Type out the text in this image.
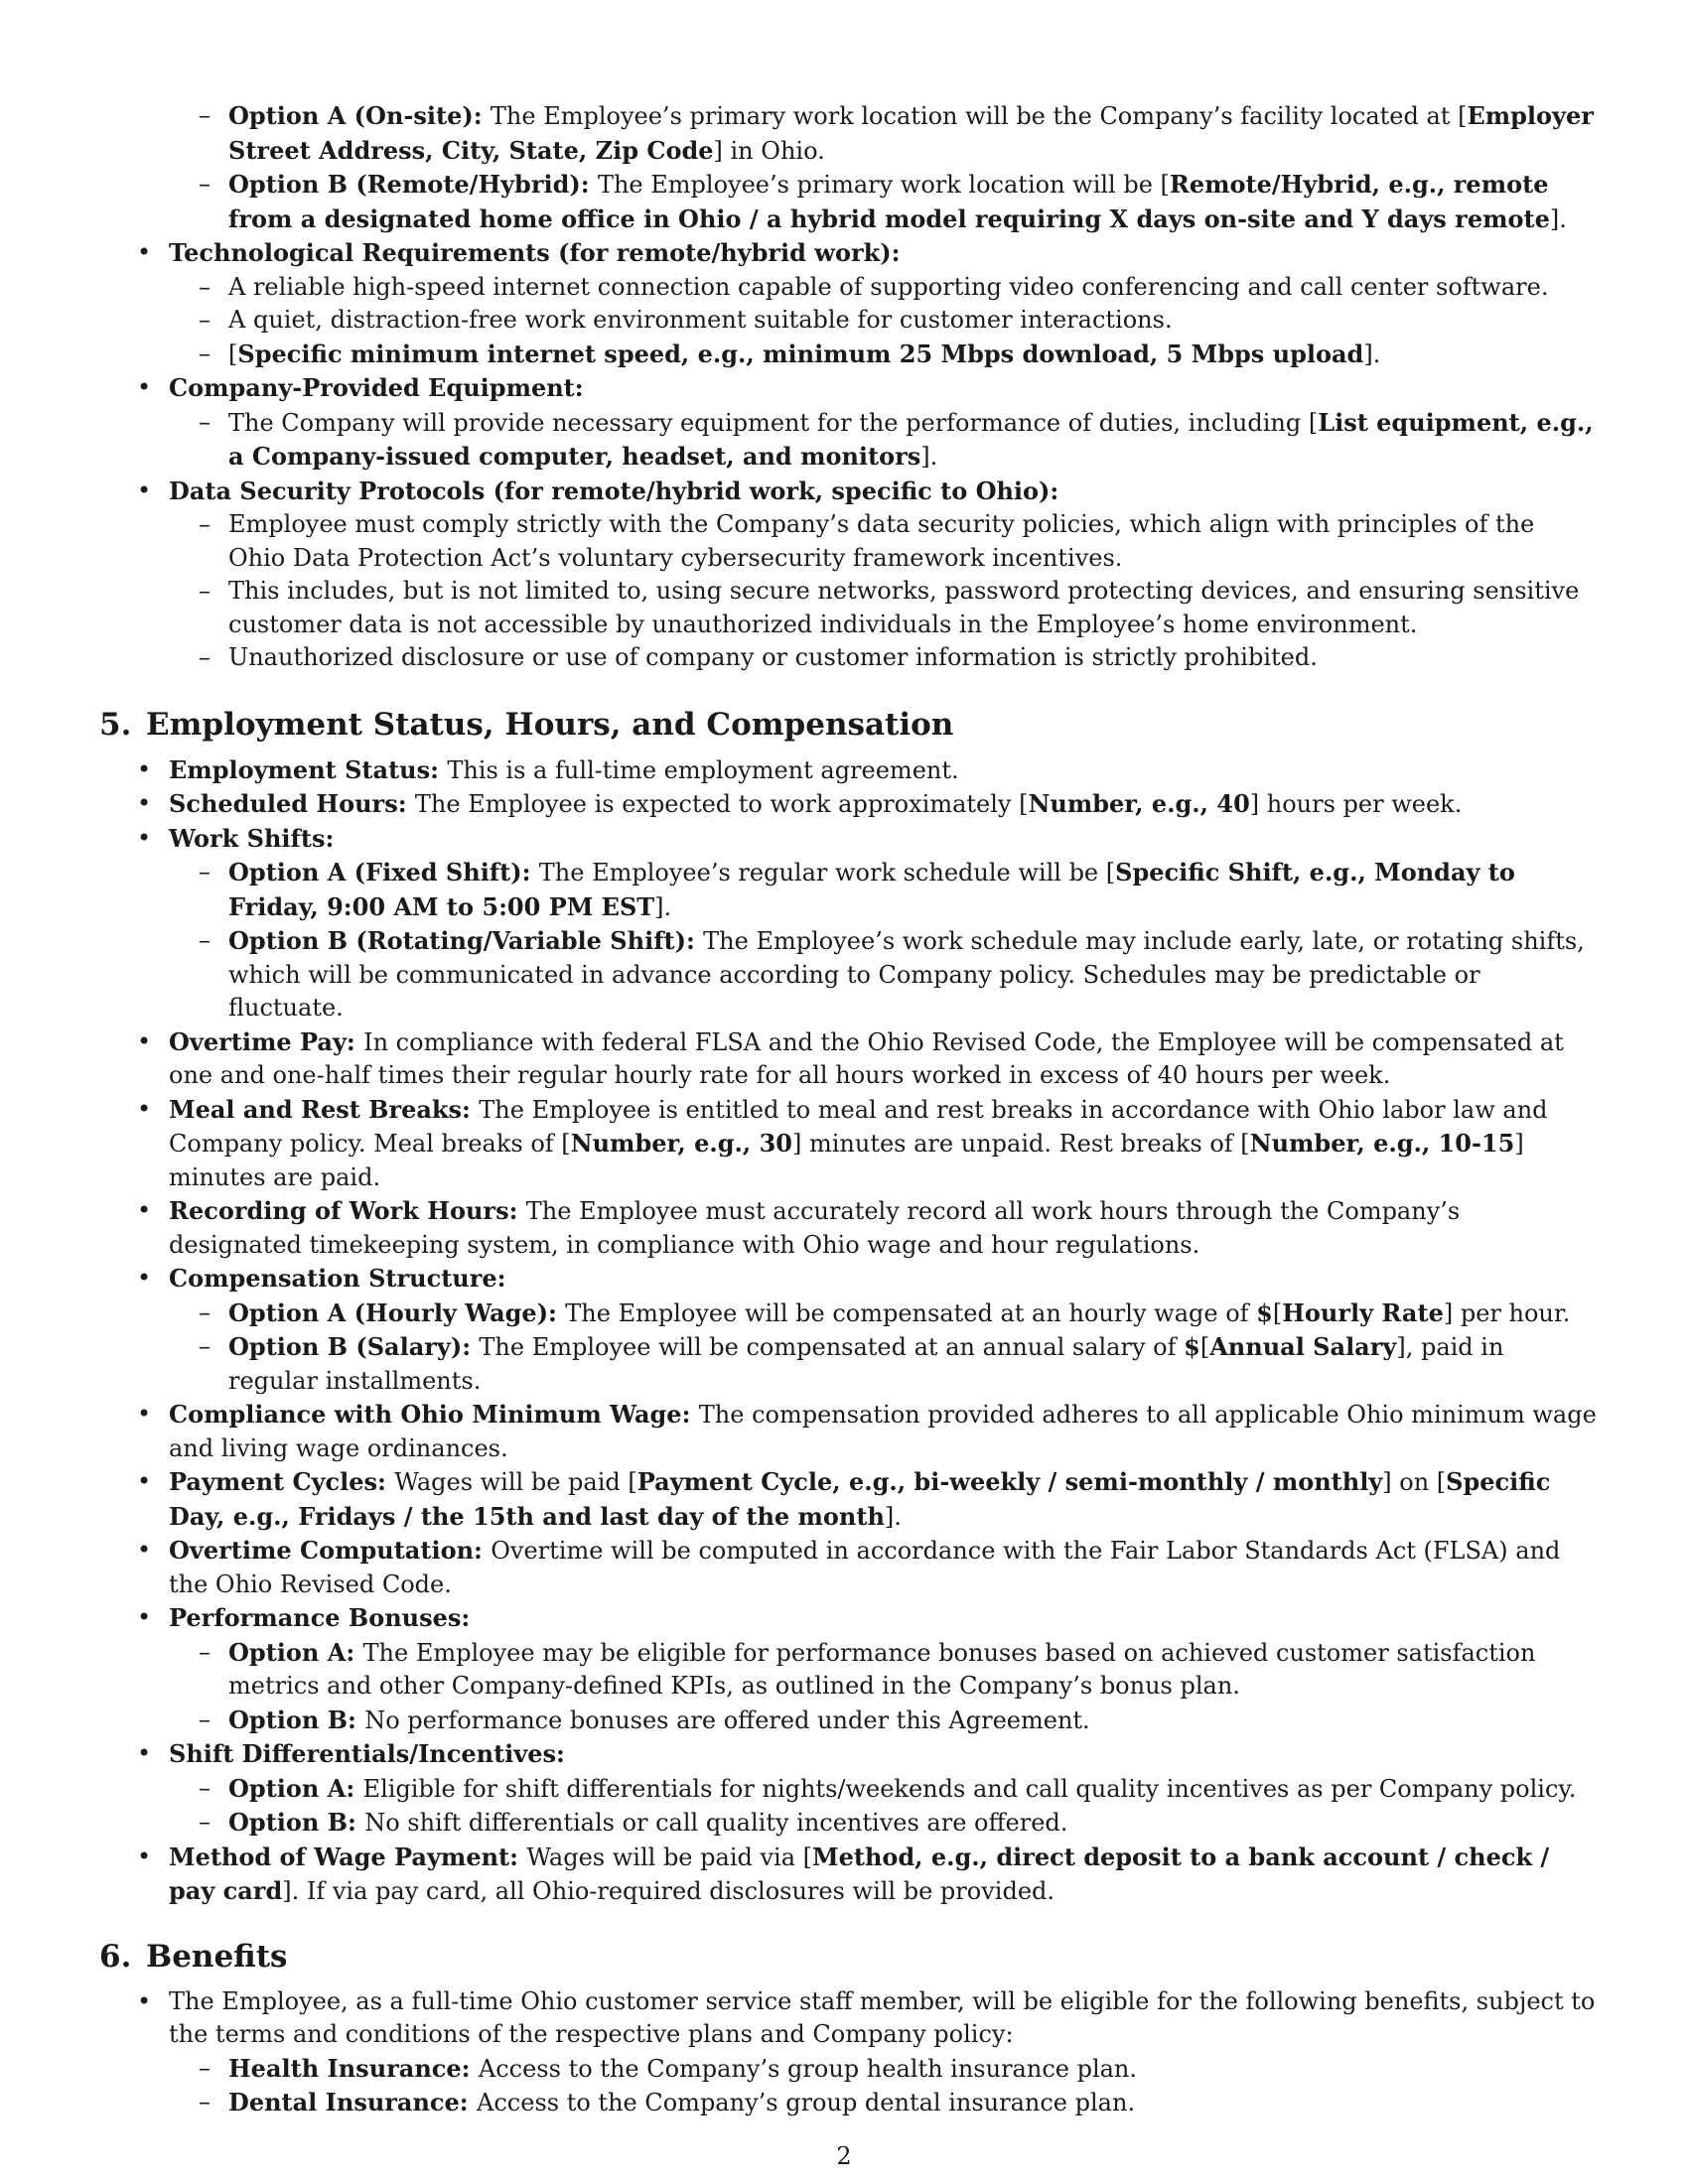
– Option A (On-site): The Employee’s primary work location will be the Company’s facility located at [Employer Street Address, City, State, Zip Code] in Ohio.
– Option B (Remote/Hybrid): The Employee’s primary work location will be [Remote/Hybrid, e.g., remote from a designated home office in Ohio / a hybrid model requiring X days on-site and Y days remote].
• Technological Requirements (for remote/hybrid work):
– A reliable high-speed internet connection capable of supporting video conferencing and call center software.
– A quiet, distraction-free work environment suitable for customer interactions.
– [Specific minimum internet speed, e.g., minimum 25 Mbps download, 5 Mbps upload].
• Company-Provided Equipment:
– The Company will provide necessary equipment for the performance of duties, including [List equipment, e.g., a Company-issued computer, headset, and monitors].
• Data Security Protocols (for remote/hybrid work, specific to Ohio):
– Employee must comply strictly with the Company’s data security policies, which align with principles of the Ohio Data Protection Act’s voluntary cybersecurity framework incentives.
– This includes, but is not limited to, using secure networks, password protecting devices, and ensuring sensitive customer data is not accessible by unauthorized individuals in the Employee’s home environment.
– Unauthorized disclosure or use of company or customer information is strictly prohibited.
5. Employment Status, Hours, and Compensation
• Employment Status: This is a full-time employment agreement.
• Scheduled Hours: The Employee is expected to work approximately [Number, e.g., 40] hours per week.
• Work Shifts:
– Option A (Fixed Shift): The Employee’s regular work schedule will be [Specific Shift, e.g., Monday to Friday, 9:00 AM to 5:00 PM EST].
– Option B (Rotating/Variable Shift): The Employee’s work schedule may include early, late, or rotating shifts, which will be communicated in advance according to Company policy. Schedules may be predictable or fluctuate.
• Overtime Pay: In compliance with federal FLSA and the Ohio Revised Code, the Employee will be compensated at one and one-half times their regular hourly rate for all hours worked in excess of 40 hours per week.
• Meal and Rest Breaks: The Employee is entitled to meal and rest breaks in accordance with Ohio labor law and Company policy. Meal breaks of [Number, e.g., 30] minutes are unpaid. Rest breaks of [Number, e.g., 10-15] minutes are paid.
• Recording of Work Hours: The Employee must accurately record all work hours through the Company’s designated timekeeping system, in compliance with Ohio wage and hour regulations.
• Compensation Structure:
– Option A (Hourly Wage): The Employee will be compensated at an hourly wage of $[Hourly Rate] per hour.
– Option B (Salary): The Employee will be compensated at an annual salary of $[Annual Salary], paid in regular installments.
• Compliance with Ohio Minimum Wage: The compensation provided adheres to all applicable Ohio minimum wage and living wage ordinances.
• Payment Cycles: Wages will be paid [Payment Cycle, e.g., bi-weekly / semi-monthly / monthly] on [Specific Day, e.g., Fridays / the 15th and last day of the month].
• Overtime Computation: Overtime will be computed in accordance with the Fair Labor Standards Act (FLSA) and the Ohio Revised Code.
• Performance Bonuses:
– Option A: The Employee may be eligible for performance bonuses based on achieved customer satisfaction metrics and other Company-defined KPIs, as outlined in the Company’s bonus plan.
– Option B: No performance bonuses are offered under this Agreement.
• Shift Differentials/Incentives:
– Option A: Eligible for shift differentials for nights/weekends and call quality incentives as per Company policy.
– Option B: No shift differentials or call quality incentives are offered.
• Method of Wage Payment: Wages will be paid via [Method, e.g., direct deposit to a bank account / check / pay card]. If via pay card, all Ohio-required disclosures will be provided.
6. Benefits
• The Employee, as a full-time Ohio customer service staff member, will be eligible for the following benefits, subject to the terms and conditions of the respective plans and Company policy:
– Health Insurance: Access to the Company’s group health insurance plan.
– Dental Insurance: Access to the Company’s group dental insurance plan.
2
